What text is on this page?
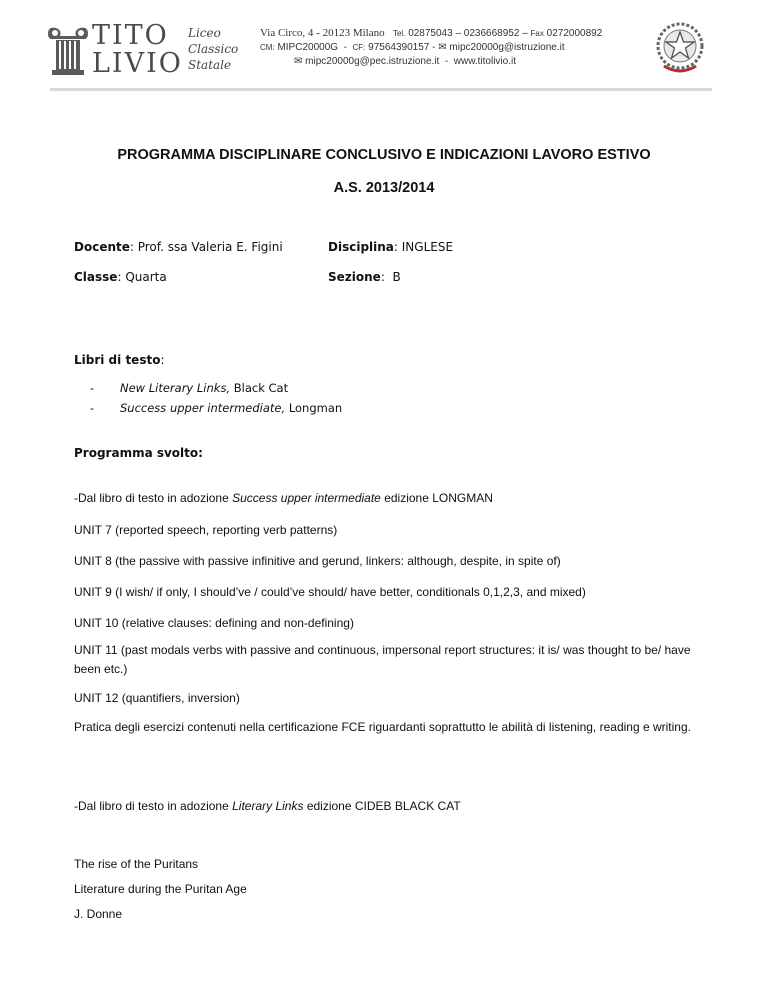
TITO
LIVIO
Liceo
Classico
Statale
Via Circo, 4 - 20123 Milano Tel. 02875043 – 0236668952 – Fax 0272000892
CM: MIPC20000G  -  CF: 97564390157 - ✉ mipc20000g@istruzione.it
✉ mipc20000g@pec.istruzione.it  -  www.titolivio.it
PROGRAMMA DISCIPLINARE CONCLUSIVO E INDICAZIONI LAVORO ESTIVO
A.S. 2013/2014
Docente: Prof. ssa Valeria E. Figini	Disciplina: INGLESE
Classe: Quarta	Sezione:  B
Libri di testo:
- New Literary Links, Black Cat
- Success upper intermediate, Longman
Programma svolto:
-Dal libro di testo in adozione Success upper intermediate edizione LONGMAN
UNIT 7 (reported speech, reporting verb patterns)
UNIT 8 (the passive with passive infinitive and gerund, linkers: although, despite, in spite of)
UNIT 9 (I wish/ if only, I should’ve / could’ve should/ have better, conditionals 0,1,2,3, and mixed)
UNIT 10 (relative clauses: defining and non-defining)
UNIT 11 (past modals verbs with passive and continuous, impersonal report structures: it is/ was thought to be/ have been etc.)
UNIT 12 (quantifiers, inversion)
Pratica degli esercizi contenuti nella certificazione FCE riguardanti soprattutto le abilità di listening, reading e writing.
-Dal libro di testo in adozione Literary Links edizione CIDEB BLACK CAT
The rise of the Puritans
Literature during the Puritan Age
J. Donne
